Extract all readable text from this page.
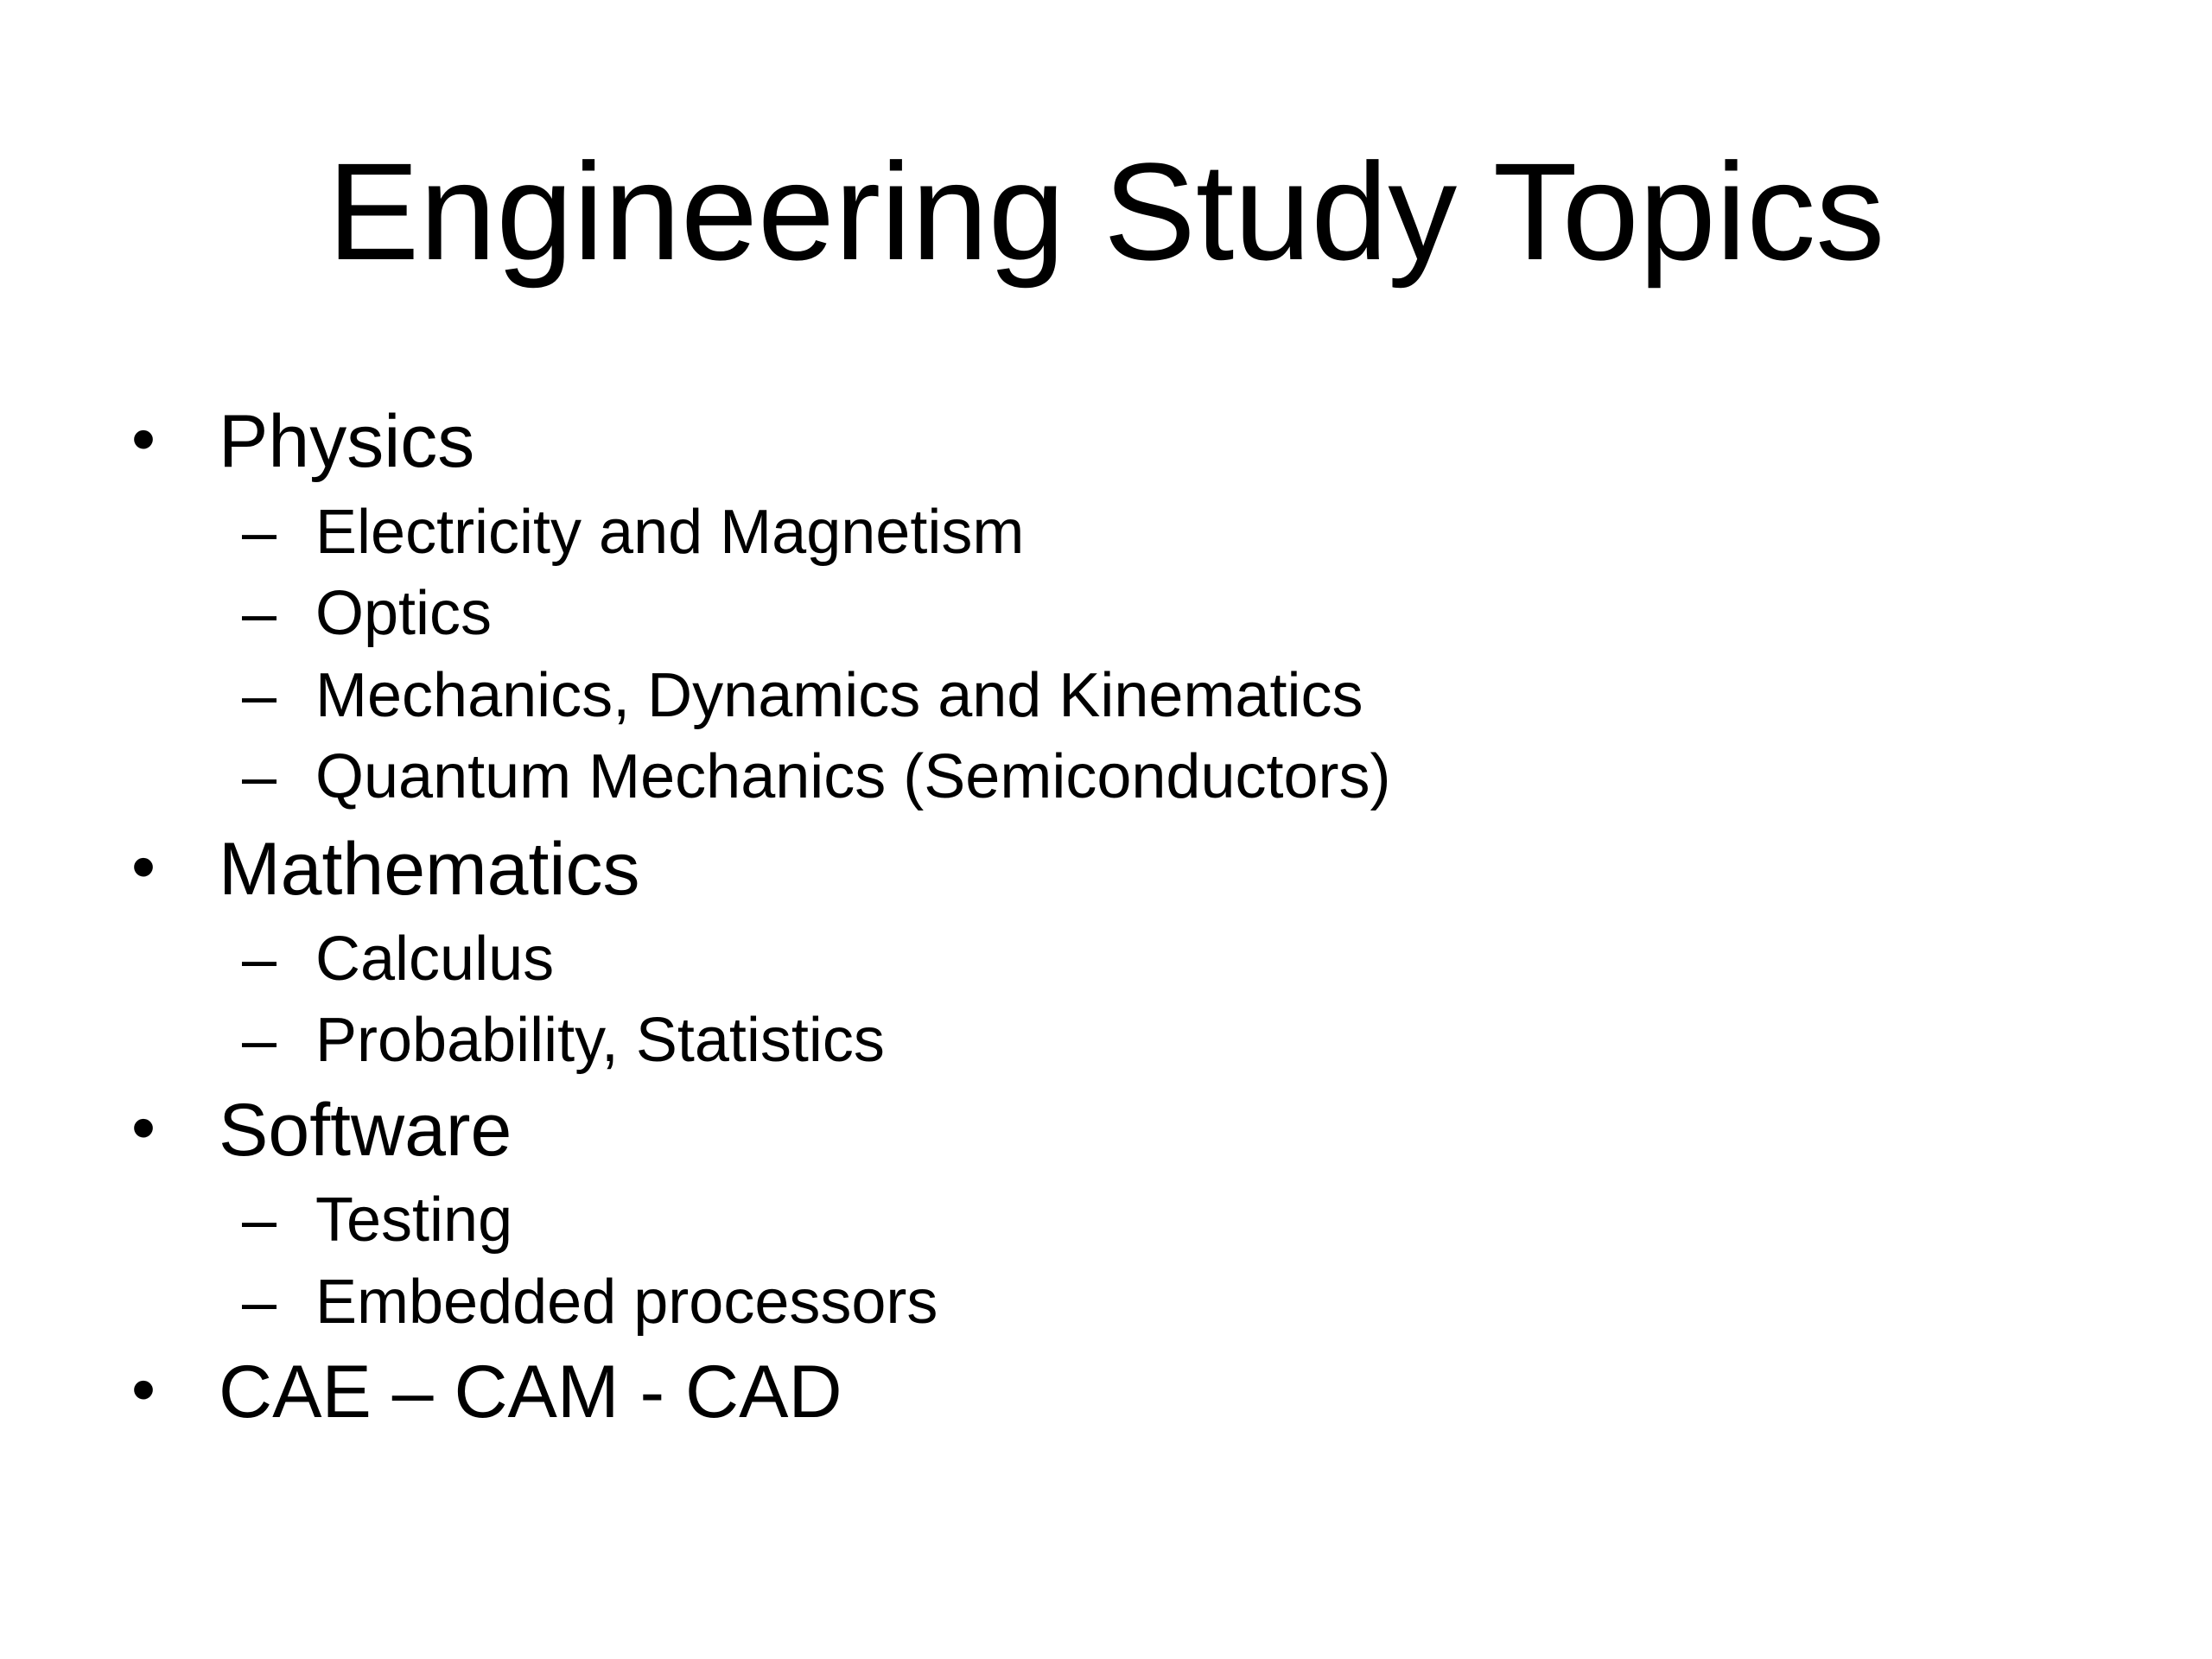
Engineering Study Topics
• Physics
– Electricity and Magnetism
– Optics
– Mechanics, Dynamics and Kinematics
– Quantum Mechanics (Semiconductors)
• Mathematics
– Calculus
– Probability, Statistics
• Software
– Testing
– Embedded processors
• CAE – CAM - CAD
